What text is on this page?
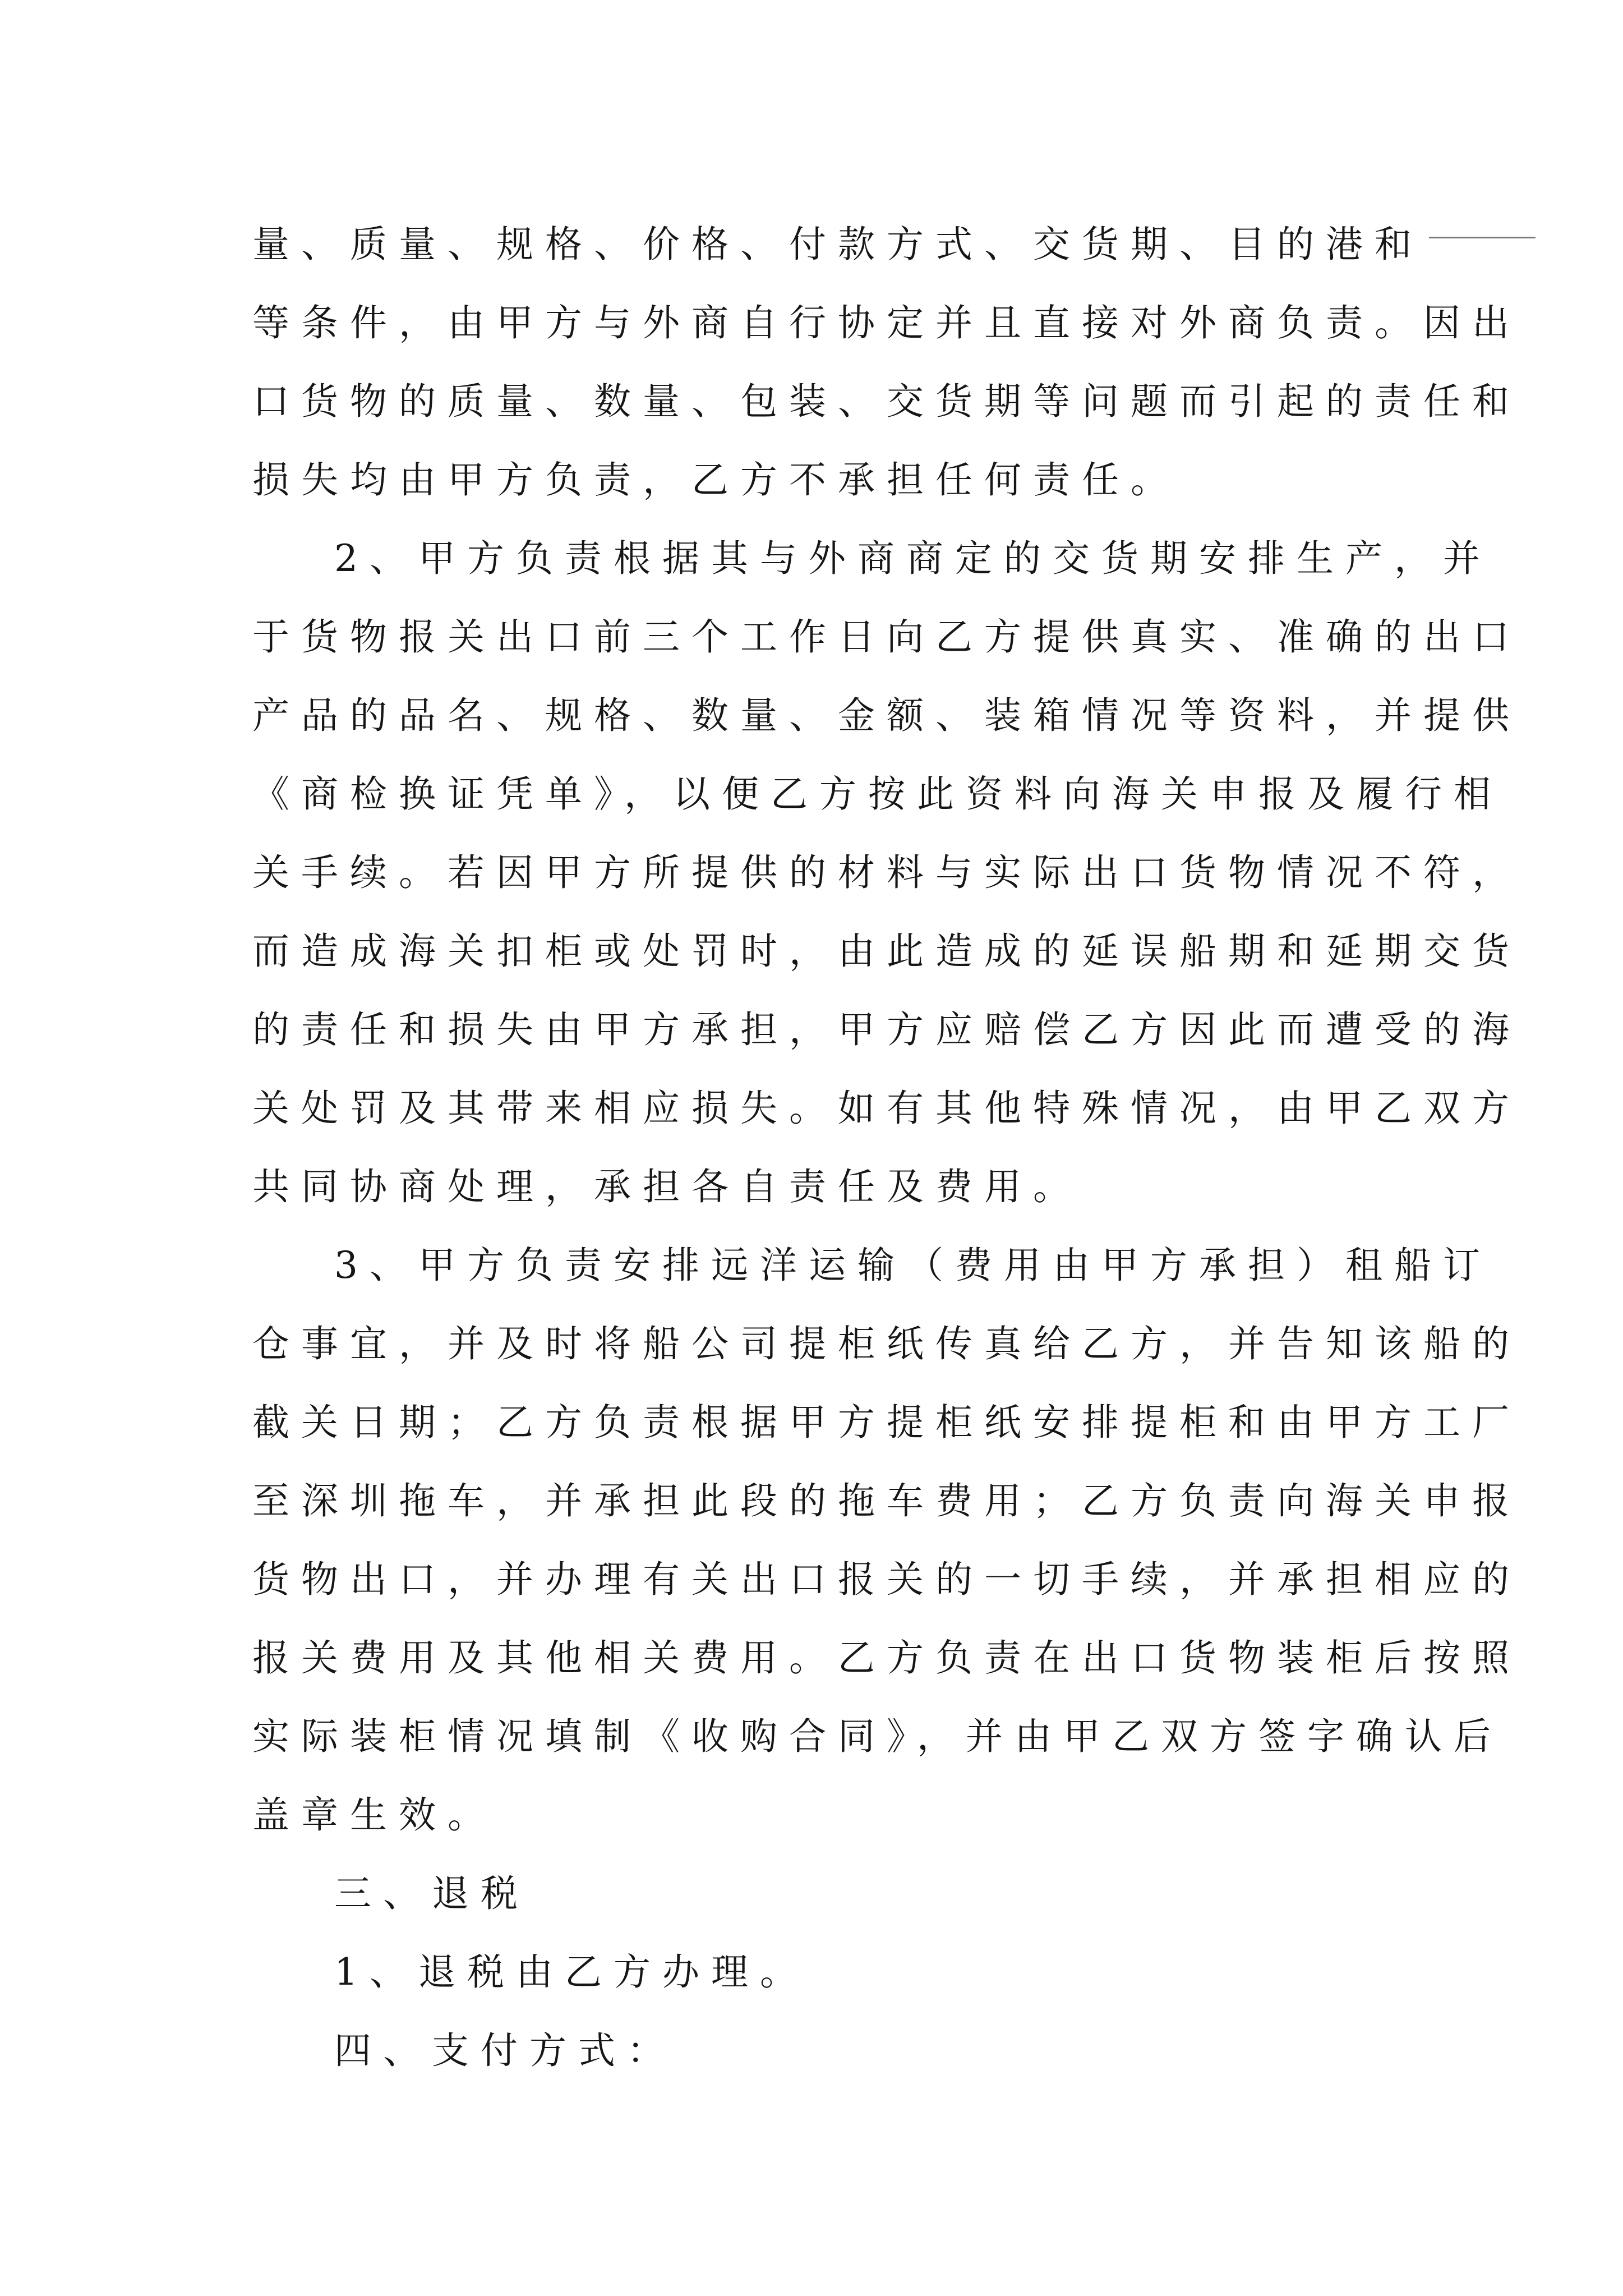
量、质量、规格、价格、付款方式、交货期、目的港和
等条件，由甲方与外商自行协定并且直接对外商负责。因出
口货物的质量、数量、包装、交货期等问题而引起的责任和
损失均由甲方负责，乙方不承担任何责任。
2、甲方负责根据其与外商商定的交货期安排生产，并
于货物报关出口前三个工作日向乙方提供真实、准确的出口
产品的品名、规格、数量、金额、装箱情况等资料，并提供
《商检换证凭单》，以便乙方按此资料向海关申报及履行相
关手续。若因甲方所提供的材料与实际出口货物情况不符，
而造成海关扣柜或处罚时，由此造成的延误船期和延期交货
的责任和损失由甲方承担，甲方应赔偿乙方因此而遭受的海
关处罚及其带来相应损失。如有其他特殊情况，由甲乙双方
共同协商处理，承担各自责任及费用。
3、甲方负责安排远洋运输（费用由甲方承担）租船订
仓事宜，并及时将船公司提柜纸传真给乙方，并告知该船的
截关日期；乙方负责根据甲方提柜纸安排提柜和由甲方工厂
至深圳拖车，并承担此段的拖车费用；乙方负责向海关申报
货物出口，并办理有关出口报关的一切手续，并承担相应的
报关费用及其他相关费用。乙方负责在出口货物装柜后按照
实际装柜情况填制《收购合同》，并由甲乙双方签字确认后
盖章生效。
三、退税
1、退税由乙方办理。
四、支付方式：
